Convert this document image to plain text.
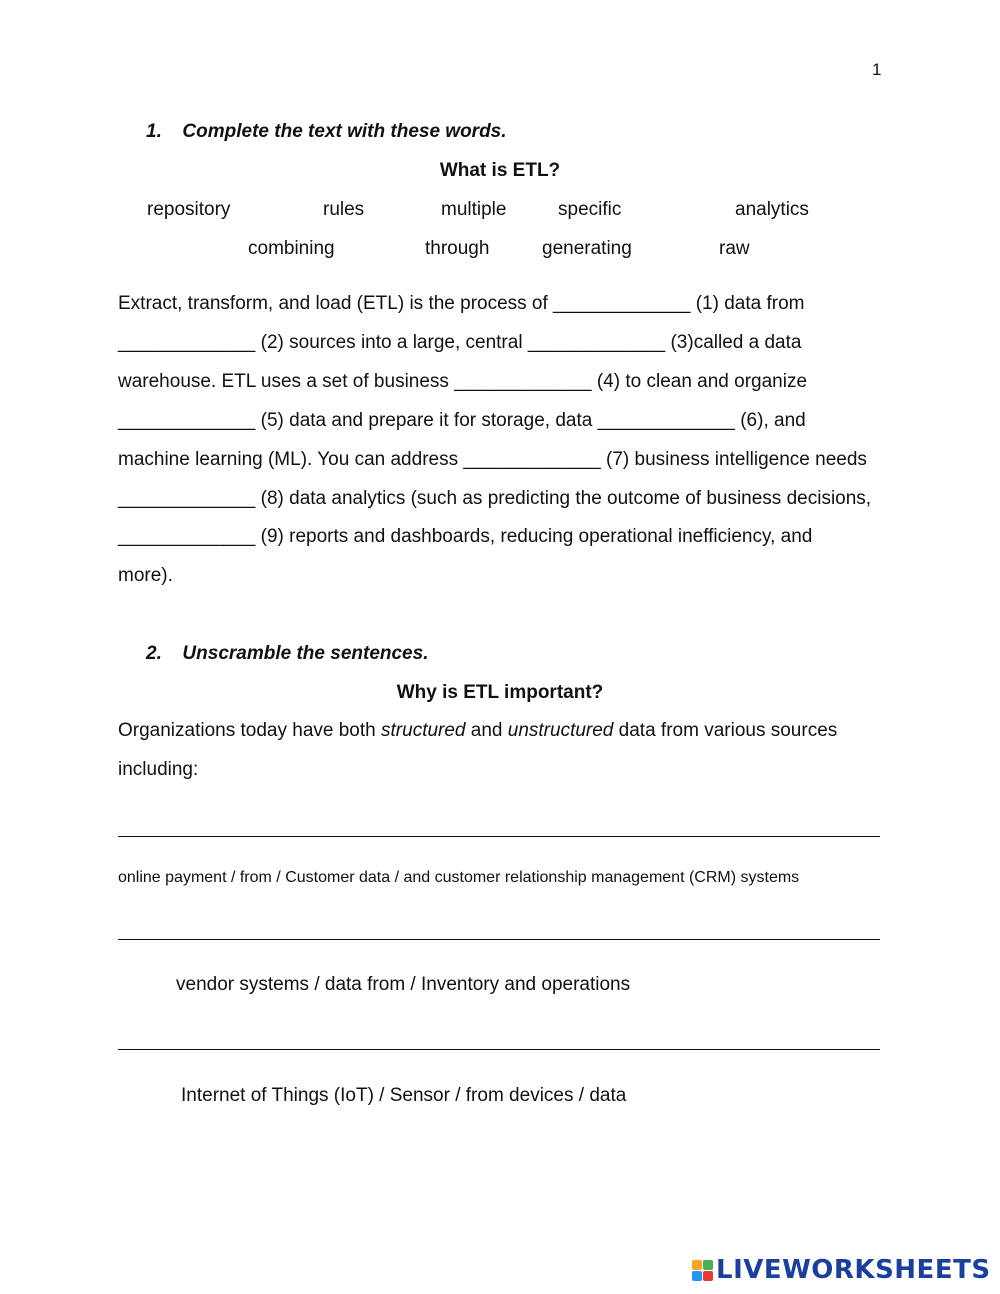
1
1. Complete the text with these words.
What is ETL?
repository	rules	multiple	specific	analytics
combining	through	generating	raw
Extract, transform, and load (ETL) is the process of _____________ (1) data from
_____________ (2) sources into a large, central _____________ (3)called a data
warehouse. ETL uses a set of business _____________ (4) to clean and organize
_____________ (5) data and prepare it for storage, data _____________ (6), and
machine learning (ML). You can address _____________ (7) business intelligence needs
_____________ (8) data analytics (such as predicting the outcome of business decisions,
_____________ (9) reports and dashboards, reducing operational inefficiency, and
more).
2. Unscramble the sentences.
Why is ETL important?
Organizations today have both structured and unstructured data from various sources
including:
online payment / from / Customer data / and customer relationship management (CRM) systems
vendor systems / data from / Inventory and operations
Internet of Things (IoT) / Sensor / from devices / data
LIVEWORKSHEETS
